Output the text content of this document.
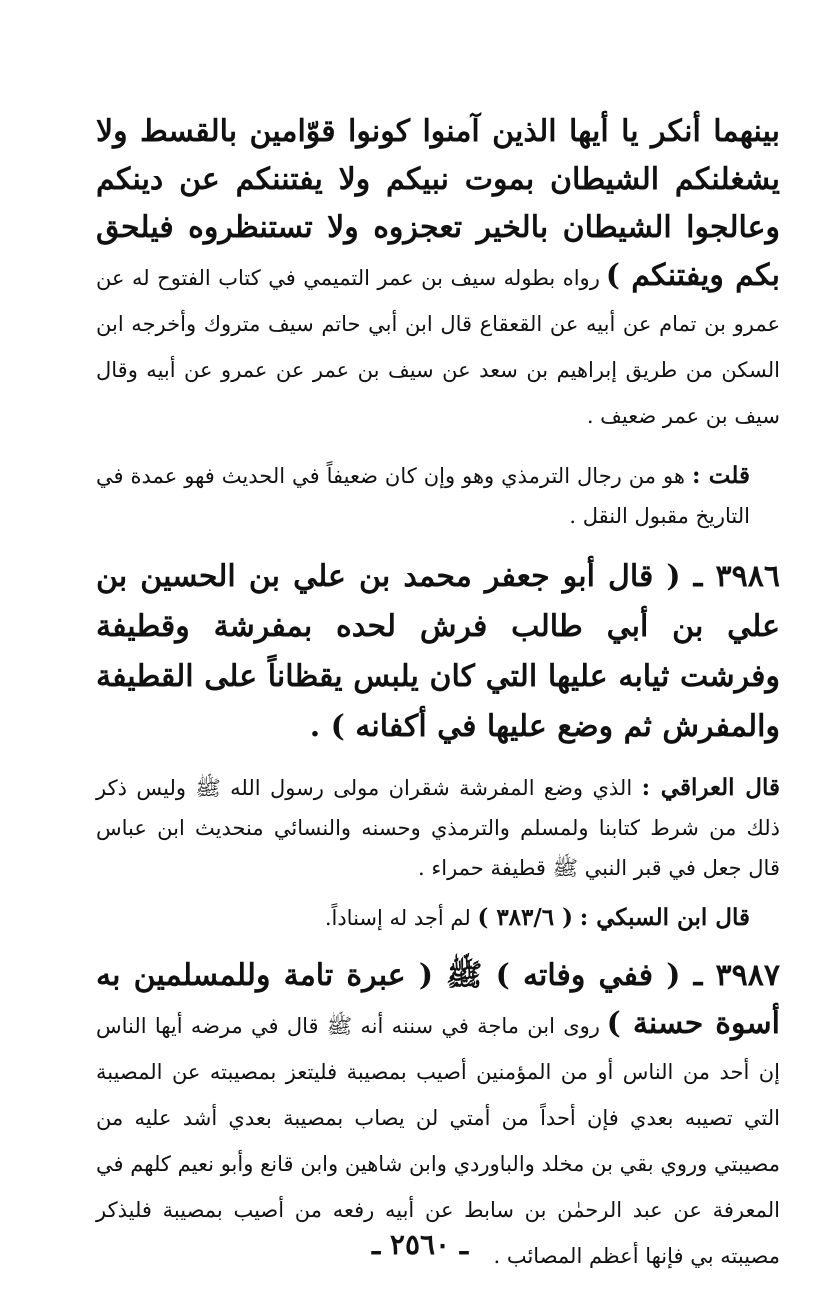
بينهما أنكر يا أيها الذين آمنوا كونوا قوّامين بالقسط ولا يشغلنكم الشيطان بموت نبيكم ولا يفتننكم عن دينكم وعالجوا الشيطان بالخير تعجزوه ولا تستنظروه فيلحق بكم ويفتنكم ) رواه بطوله سيف بن عمر التميمي في كتاب الفتوح له عن عمرو بن تمام عن أبيه عن القعقاع قال ابن أبي حاتم سيف متروك وأخرجه ابن السكن من طريق إبراهيم بن سعد عن سيف بن عمر عن عمرو عن أبيه وقال سيف بن عمر ضعيف .

قلت : هو من رجال الترمذي وهو وإن كان ضعيفاً في الحديث فهو عمدة في التاريخ مقبول النقل .

٣٩٨٦ ـ ( قال أبو جعفر محمد بن علي بن الحسين بن علي بن أبي طالب فرش لحده بمفرشة وقطيفة وفرشت ثيابه عليها التي كان يلبس يقظاناً على القطيفة والمفرش ثم وضع عليها في أكفانه ) .

قال العراقي : الذي وضع المفرشة شقران مولى رسول الله ﷺ وليس ذكر ذلك من شرط كتابنا ولمسلم والترمذي وحسنه والنسائي منحديث ابن عباس قال جعل في قبر النبي ﷺ قطيفة حمراء .

قال ابن السبكي : ( ٣٨٣/٦ ) لم أجد له إسناداً.

٣٩٨٧ ـ ( ففي وفاته ) ﷺ ( عبرة تامة وللمسلمين به أسوة حسنة ) روى ابن ماجة في سننه أنه ﷺ قال في مرضه أيها الناس إن أحد من الناس أو من المؤمنين أصيب بمصيبة فليتعز بمصيبته عن المصيبة التي تصيبه بعدي فإن أحداً من أمتي لن يصاب بمصيبة بعدي أشد عليه من مصيبتي وروي بقي بن مخلد والباوردي وابن شاهين وابن قانع وأبو نعيم كلهم في المعرفة عن عبد الرحمٰن بن سابط عن أبيه رفعه من أصيب بمصيبة فليذكر مصيبته بي فإنها أعظم المصائب .

ـ ٢٥٦٠ ـ
